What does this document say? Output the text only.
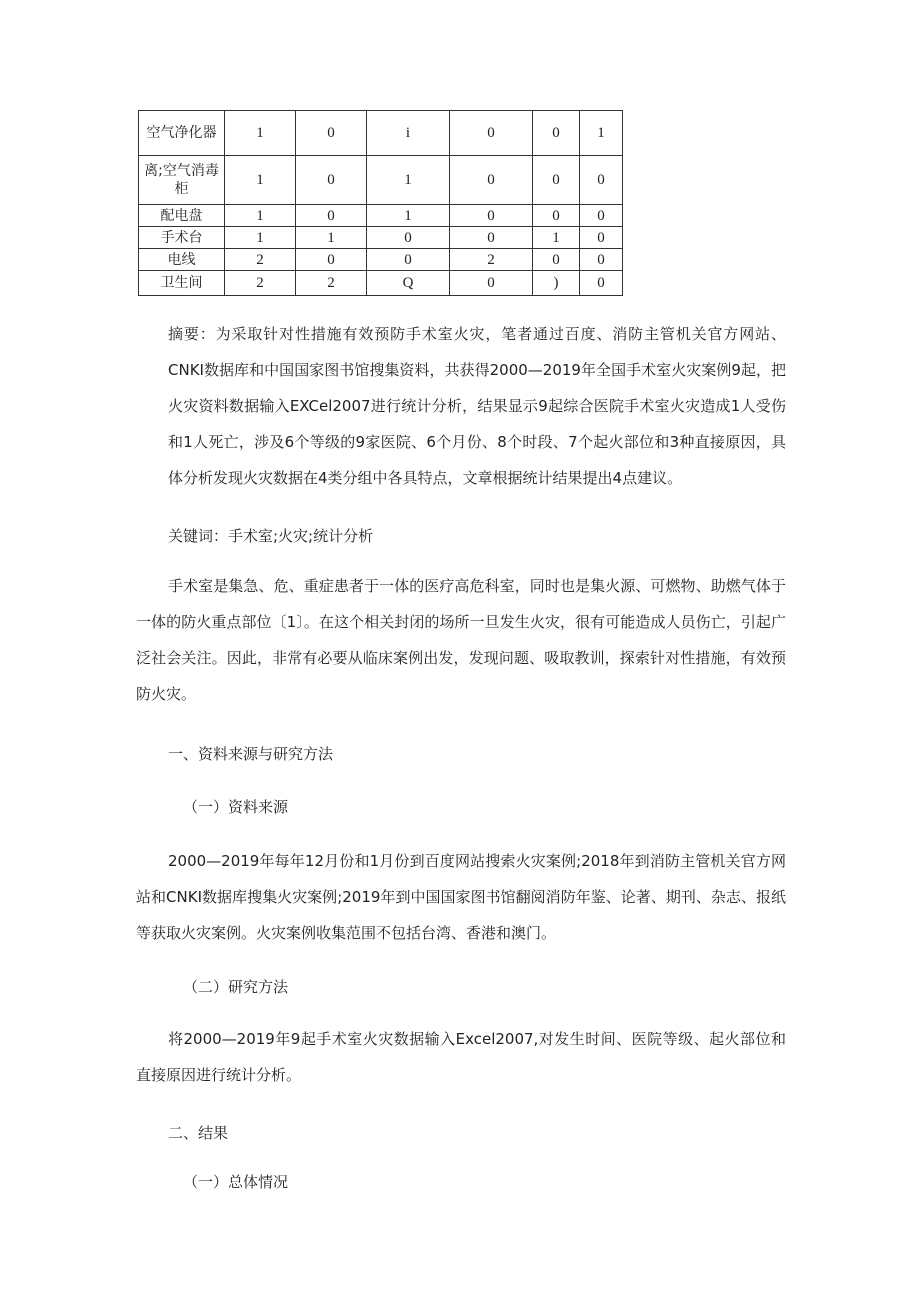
空气净化器	1	0	i	0	0	1
离;空气消毒柜	1	0	1	0	0	0
配电盘	1	0	1	0	0	0
手术台	1	1	0	0	1	0
电线	2	0	0	2	0	0
卫生间	2	2	Q	0	)	0

摘要：为采取针对性措施有效预防手术室火灾，笔者通过百度、消防主管机关官方网站、CNKI数据库和中国国家图书馆搜集资料，共获得2000—2019年全国手术室火灾案例9起，把火灾资料数据输入EXCel2007进行统计分析，结果显示9起综合医院手术室火灾造成1人受伤和1人死亡，涉及6个等级的9家医院、6个月份、8个时段、7个起火部位和3种直接原因，具体分析发现火灾数据在4类分组中各具特点，文章根据统计结果提出4点建议。

关键词：手术室;火灾;统计分析

手术室是集急、危、重症患者于一体的医疗高危科室，同时也是集火源、可燃物、助燃气体于一体的防火重点部位〔1〕。在这个相关封闭的场所一旦发生火灾，很有可能造成人员伤亡，引起广泛社会关注。因此，非常有必要从临床案例出发，发现问题、吸取教训，探索针对性措施，有效预防火灾。

一、资料来源与研究方法

（一）资料来源

2000—2019年每年12月份和1月份到百度网站搜索火灾案例;2018年到消防主管机关官方网站和CNKI数据库搜集火灾案例;2019年到中国国家图书馆翻阅消防年鉴、论著、期刊、杂志、报纸等获取火灾案例。火灾案例收集范围不包括台湾、香港和澳门。

（二）研究方法

将2000—2019年9起手术室火灾数据输入Excel2007,对发生时间、医院等级、起火部位和直接原因进行统计分析。

二、结果

（一）总体情况
